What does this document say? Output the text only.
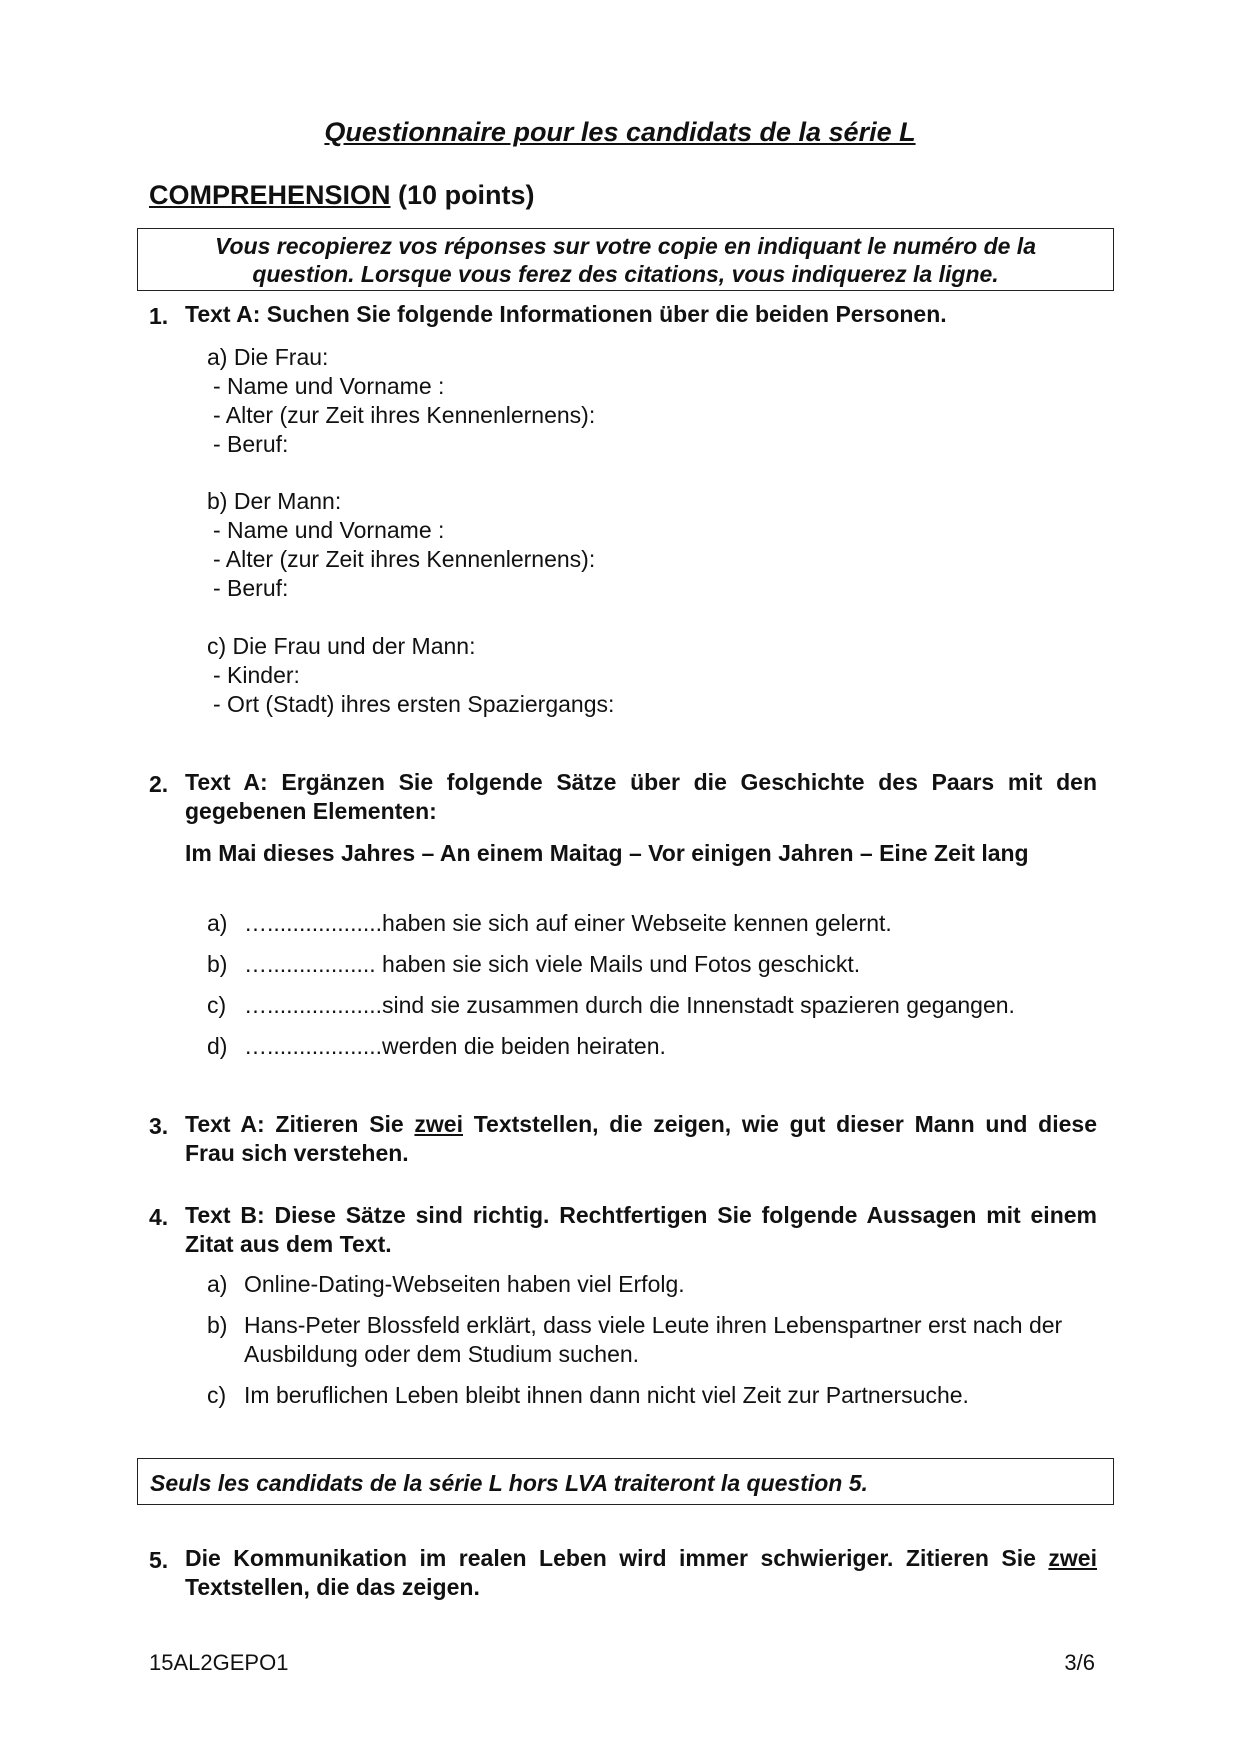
Questionnaire pour les candidats de la série L
COMPREHENSION (10 points)
Vous recopierez vos réponses sur votre copie en indiquant le numéro de la
question. Lorsque vous ferez des citations, vous indiquerez la ligne.
1. Text A: Suchen Sie folgende Informationen über die beiden Personen.
a) Die Frau:
- Name und Vorname :
- Alter (zur Zeit ihres Kennenlernens):
- Beruf:
b) Der Mann:
- Name und Vorname :
- Alter (zur Zeit ihres Kennenlernens):
- Beruf:
c) Die Frau und der Mann:
- Kinder:
- Ort (Stadt) ihres ersten Spaziergangs:
2. Text A: Ergänzen Sie folgende Sätze über die Geschichte des Paars mit den gegebenen Elementen:
Im Mai dieses Jahres – An einem Maitag – Vor einigen Jahren – Eine Zeit lang
a) …..................haben sie sich auf einer Webseite kennen gelernt.
b) …................. haben sie sich viele Mails und Fotos geschickt.
c) …..................sind sie zusammen durch die Innenstadt spazieren gegangen.
d) …..................werden die beiden heiraten.
3. Text A: Zitieren Sie zwei Textstellen, die zeigen, wie gut dieser Mann und diese Frau sich verstehen.
4. Text B: Diese Sätze sind richtig. Rechtfertigen Sie folgende Aussagen mit einem Zitat aus dem Text.
a) Online-Dating-Webseiten haben viel Erfolg.
b) Hans-Peter Blossfeld erklärt, dass viele Leute ihren Lebenspartner erst nach der Ausbildung oder dem Studium suchen.
c) Im beruflichen Leben bleibt ihnen dann nicht viel Zeit zur Partnersuche.
Seuls les candidats de la série L hors LVA traiteront la question 5.
5. Die Kommunikation im realen Leben wird immer schwieriger. Zitieren Sie zwei Textstellen, die das zeigen.
15AL2GEPO1	3/6
